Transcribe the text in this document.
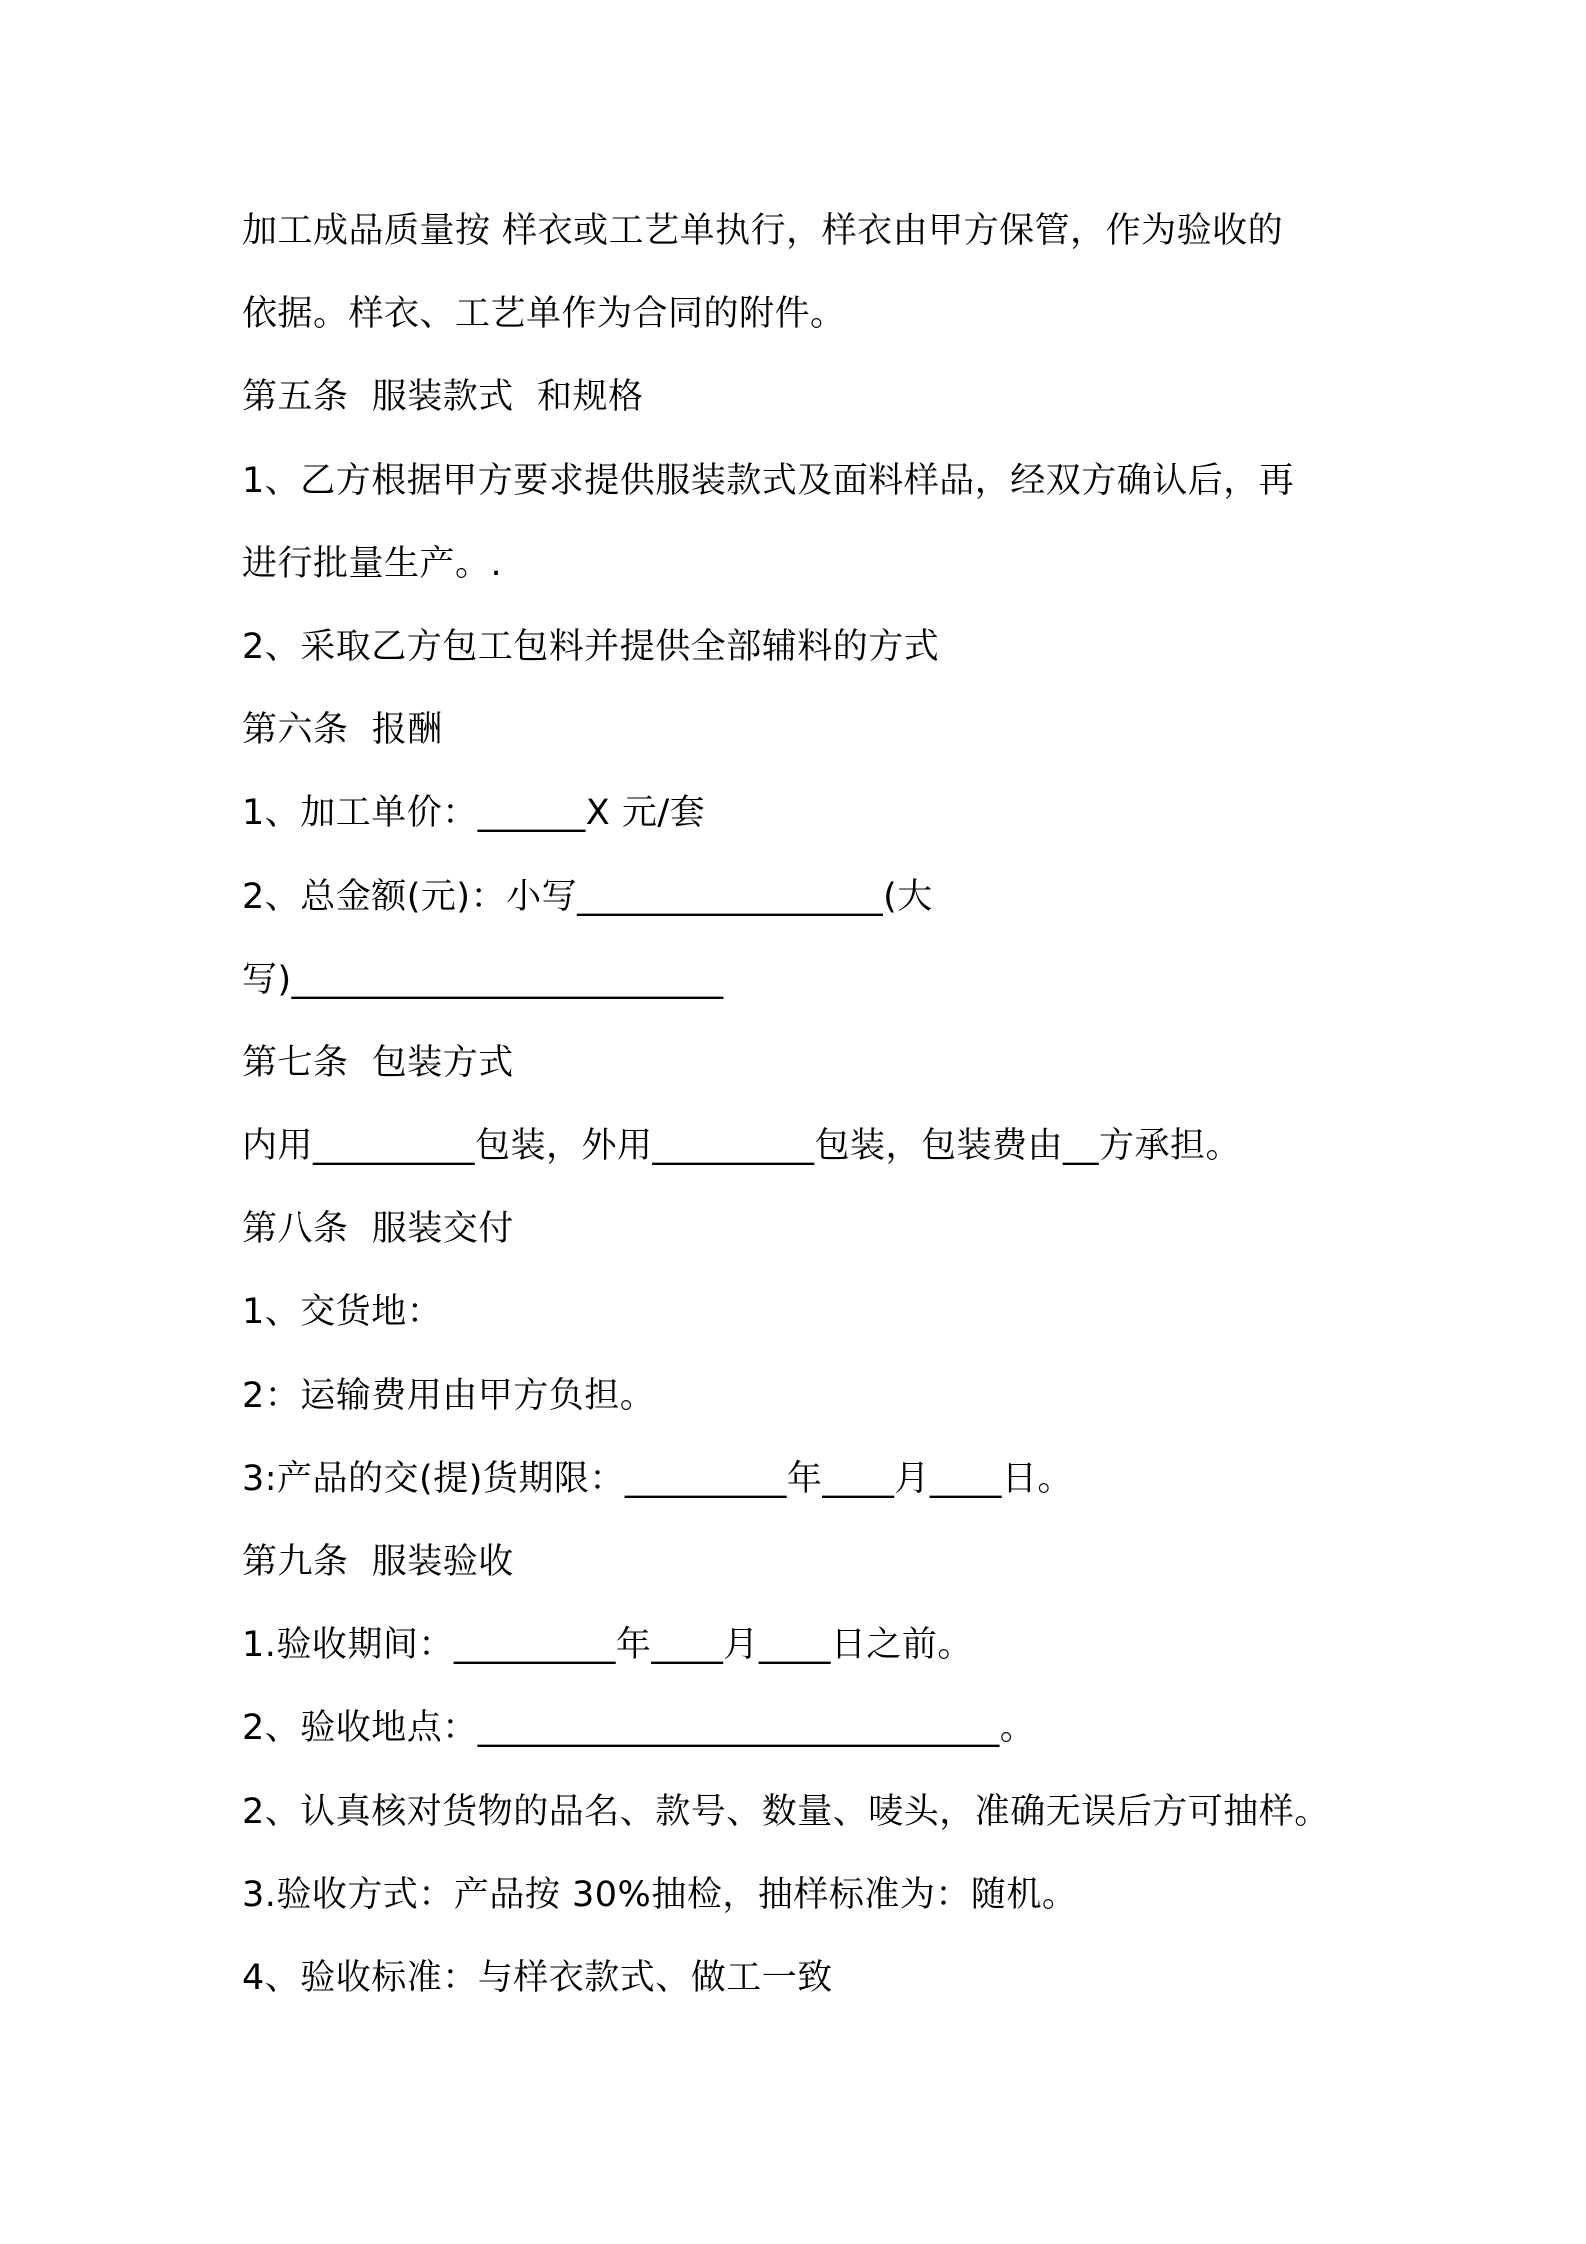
加工成品质量按 样衣或工艺单执行，样衣由甲方保管，作为验收的
依据。样衣、工艺单作为合同的附件。
第五条  服装款式  和规格
1、乙方根据甲方要求提供服装款式及面料样品，经双方确认后，再
进行批量生产。.
2、采取乙方包工包料并提供全部辅料的方式
第六条  报酬
1、加工单价：______X 元/套
2、总金额(元)：小写_________________(大
写)________________________
第七条  包装方式
内用_________包装，外用_________包装，包装费由__方承担。
第八条  服装交付
1、交货地：
2：运输费用由甲方负担。
3:产品的交(提)货期限：_________年____月____日。
第九条  服装验收
1.验收期间：_________年____月____日之前。
2、验收地点：_____________________________。
2、认真核对货物的品名、款号、数量、唛头，准确无误后方可抽样。
3.验收方式：产品按 30%抽检，抽样标准为：随机。
4、验收标准：与样衣款式、做工一致
